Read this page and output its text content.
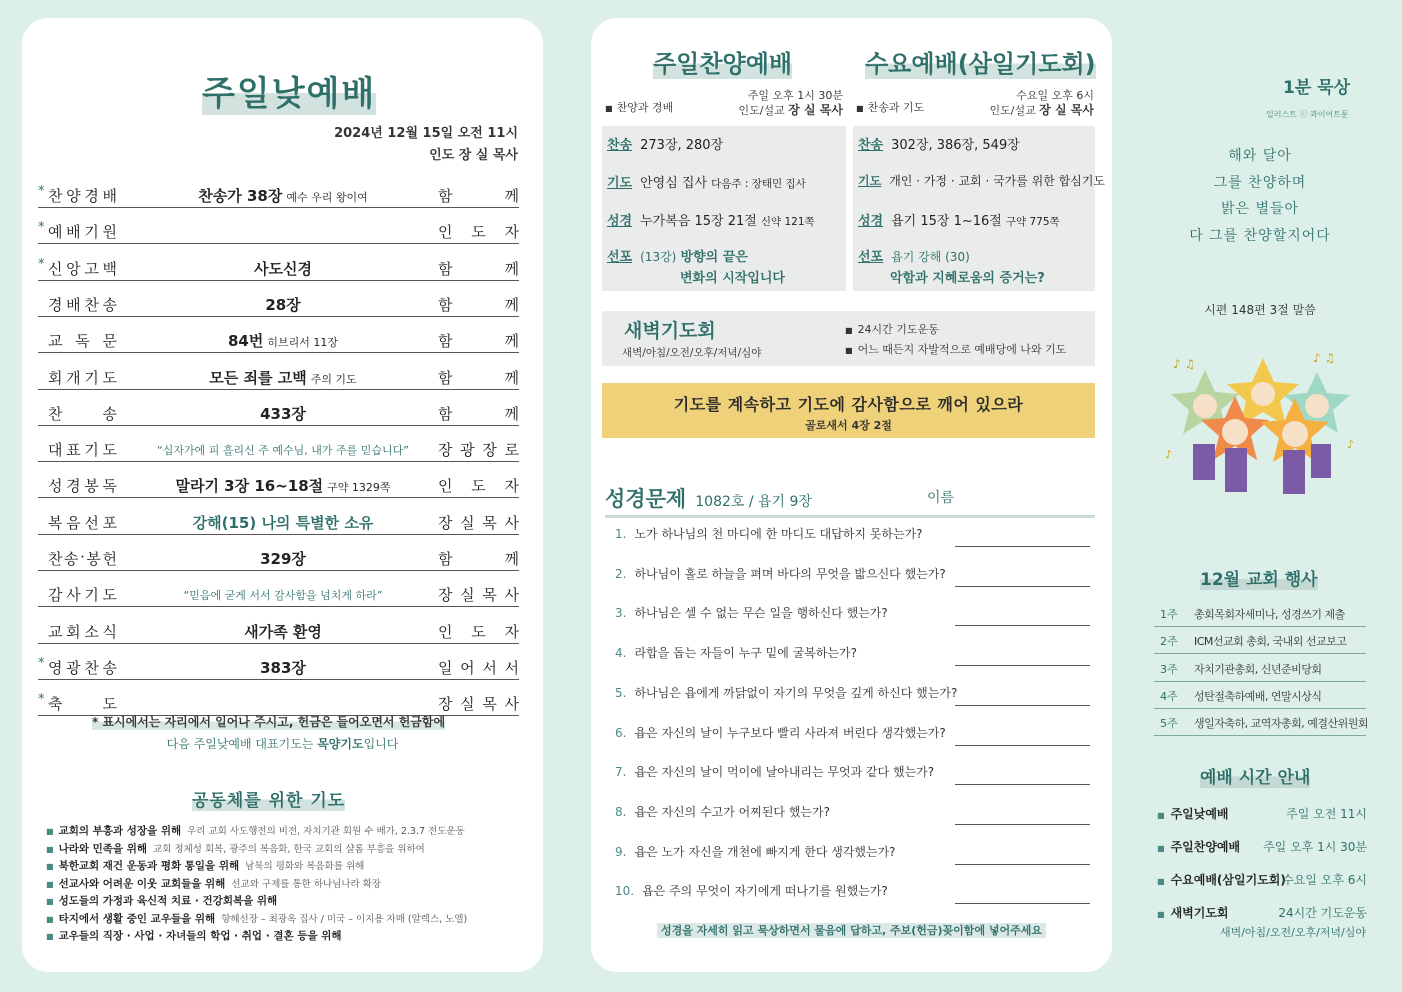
주일낮예배
2024년 12월 15일 오전 11시
인도 장 실 목사
* 찬 양 경 배	찬송가 38장 예수 우리 왕이여	함	께
* 예 배 기 원	인 도 자
* 신 앙 고 백	사도신경	함	께
경 배 찬 송	28장	함	께
교 독 문	84번 히브리서 11장	함	께
회 개 기 도	모든 죄를 고백 주의 기도	함	께
찬	송	433장	함	께
대 표 기 도	“십자가에 피 흘리신 주 예수님, 내가 주를 믿습니다”	장 광 장 로
성 경 봉 독	말라기 3장 16~18절 구약 1329쪽	인 도 자
복 음 선 포	강해(15) 나의 특별한 소유	장 실 목 사
찬 송 · 봉 헌	329장	함	께
감 사 기 도	“믿음에 굳게 서서 감사함을 넘치게 하라”	장 실 목 사
교 회 소 식	새가족 환영	인 도 자
* 영 광 찬 송	383장	일 어 서 서
* 축	도	장 실 목 사
* 표시에서는 자리에서 일어나 주시고, 헌금은 들어오면서 헌금함에
다음 주일낮예배 대표기도는 목양기도입니다
공동체를 위한 기도
■ 교회의 부흥과 성장을 위해 우리 교회 사도행전의 비전, 자치기관 회원 수 배가, 2.3.7 전도운동
■ 나라와 민족을 위해 교회 정체성 회복, 광주의 복음화, 한국 교회의 샬롬 부흥을 위하여
■ 북한교회 재건 운동과 평화 통일을 위해 남북의 평화와 복음화를 위해
■ 선교사와 어려운 이웃 교회들을 위해 선교와 구제를 통한 하나님나라 확장
■ 성도들의 가정과 육신적 치료 · 건강회복을 위해
■ 타지에서 생활 중인 교우들을 위해 향해선장 – 최광옥 집사 / 미국 – 이지용 자매 (알렉스, 노엘)
■ 교우들의 직장 · 사업 · 자녀들의 학업 · 취업 · 결혼 등을 위해
주일찬양예배	수요예배(삼일기도회)
■ 찬양과 경배
주일 오후 1시 30분
인도/설교 장 실 목사 ■ 찬송과 기도
수요일 오후 6시
인도/설교 장 실 목사
찬송 273장, 280장
기도 안영심 집사 다음주 : 장태민 집사
성경 누가복음 15장 21절 신약 121쪽
선포 (13강) 방향의 끝은
변화의 시작입니다
찬송 302장, 386장, 549장
기도 개인 · 가정 · 교회 · 국가를 위한 합심기도
성경 욥기 15장 1~16절 구약 775쪽
선포 욥기 강해 (30)
악함과 지혜로움의 증거는?
새벽기도회
새벽/아침/오전/오후/저녁/심야
■ 24시간 기도운동
■ 어느 때든지 자발적으로 예배당에 나와 기도
기도를 계속하고 기도에 감사함으로 깨어 있으라
골로새서 4장 2절
성경문제 1082호 / 욥기 9장	이름
1. 노가 하나님의 천 마디에 한 마디도 대답하지 못하는가?
2. 하나님이 홀로 하늘을 펴며 바다의 무엇을 밟으신다 했는가?
3. 하나님은 셀 수 없는 무슨 일을 행하신다 했는가?
4. 라합을 돕는 자들이 누구 밑에 굴복하는가?
5. 하나님은 욥에게 까닭없이 자기의 무엇을 깊게 하신다 했는가?
6. 욥은 자신의 날이 누구보다 빨리 사라져 버린다 생각했는가?
7. 욥은 자신의 날이 먹이에 날아내리는 무엇과 같다 했는가?
8. 욥은 자신의 수고가 어찌된다 했는가?
9. 욥은 노가 자신을 개천에 빠지게 한다 생각했는가?
10. 욥은 주의 무엇이 자기에게 떠나기를 원했는가?
성경을 자세히 읽고 묵상하면서 물음에 답하고, 주보(헌금)꽂이함에 넣어주세요
1분 묵상
일러스트 ⓒ 콰이어트툰
해와 달아
그를 찬양하며
밝은 별들아
다 그를 찬양할지어다
시편 148편 3절 말씀
♪ ♫	♪ ♫
♪
♪
12월 교회 행사
1주 총회목회자세미나, 성경쓰기 제출
2주 ICM선교회 총회, 국내외 선교보고
3주 자치기관총회, 신년준비당회
4주 성탄절축하예배, 연말시상식
5주 생일자축하, 교역자총회, 예결산위원회
예배 시간 안내
■ 주일낮예배	주일 오전 11시
■ 주일찬양예배 주일 오후 1시 30분
■ 수요예배(삼일기도회)
수요일 오후 6시
■ 새벽기도회	24시간 기도운동
새벽/아침/오전/오후/저녁/심야
